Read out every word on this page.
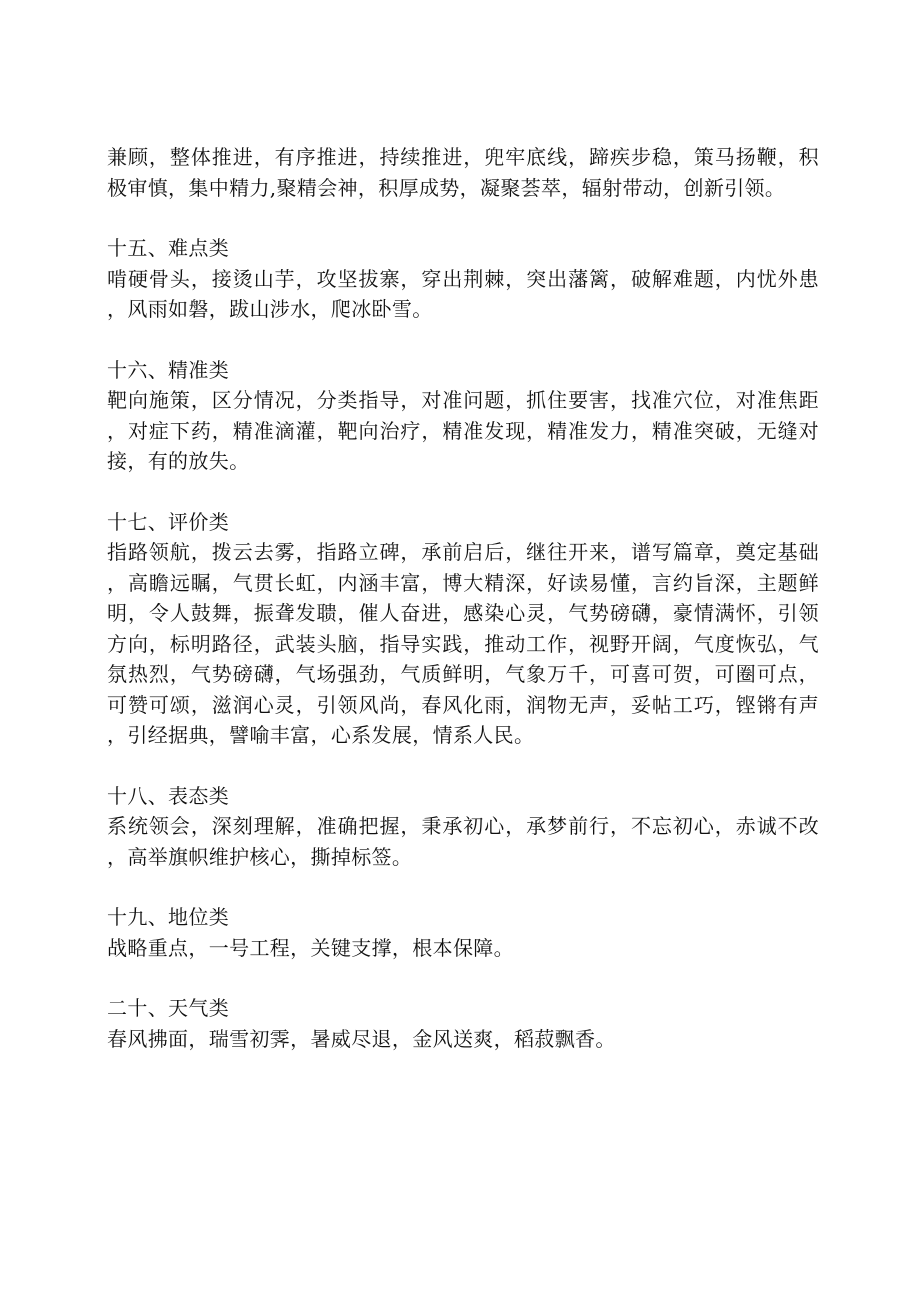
兼顾，整体推进，有序推进，持续推进，兜牢底线，蹄疾步稳，策马扬鞭，积极审慎，集中精力,聚精会神，积厚成势，凝聚荟萃，辐射带动，创新引领。

十五、难点类

啃硬骨头，接烫山芋，攻坚拔寨，穿出荆棘，突出藩篱，破解难题，内忧外患，风雨如磐，跋山涉水，爬冰卧雪。

十六、精准类

靶向施策，区分情况，分类指导，对准问题，抓住要害，找准穴位，对准焦距，对症下药，精准滴灌，靶向治疗，精准发现，精准发力，精准突破，无缝对接，有的放失。

十七、评价类

指路领航，拨云去雾，指路立碑，承前启后，继往开来，谱写篇章，奠定基础，高瞻远瞩，气贯长虹，内涵丰富，博大精深，好读易懂，言约旨深，主题鲜明，令人鼓舞，振聋发聩，催人奋进，感染心灵，气势磅礴，豪情满怀，引领方向，标明路径，武装头脑，指导实践，推动工作，视野开阔，气度恢弘，气氛热烈，气势磅礴，气场强劲，气质鲜明，气象万千，可喜可贺，可圈可点，可赞可颂，滋润心灵，引领风尚，春风化雨，润物无声，妥帖工巧，铿锵有声，引经据典，譬喻丰富，心系发展，情系人民。

十八、表态类

系统领会，深刻理解，准确把握，秉承初心，承梦前行，不忘初心，赤诚不改，高举旗帜维护核心，撕掉标签。

十九、地位类

战略重点，一号工程，关键支撑，根本保障。

二十、天气类

春风拂面，瑞雪初霁，暑威尽退，金风送爽，稻菽飘香。
